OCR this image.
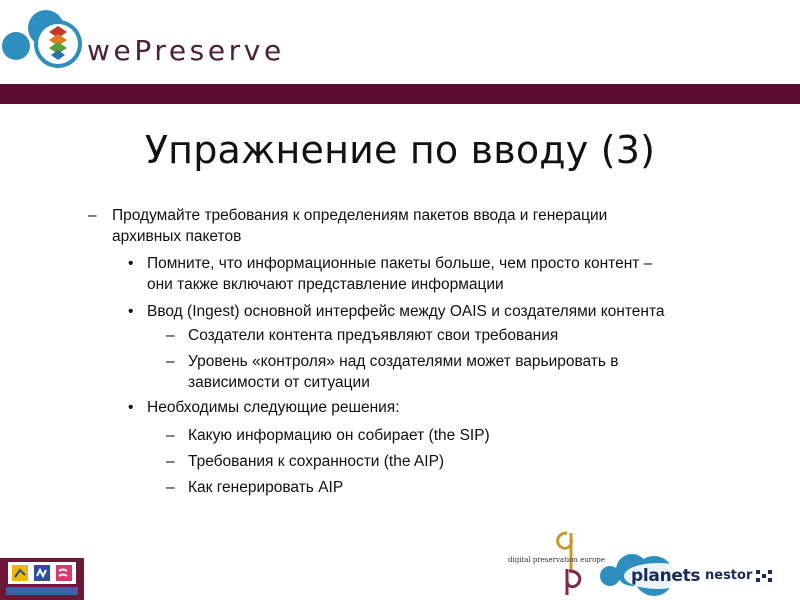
wePreserve
Упражнение по вводу (3)
– Продумайте требования к определениям пакетов ввода и генерации
архивных пакетов
• Помните, что информационные пакеты больше, чем просто контент –
они также включают представление информации
• Ввод (Ingest) основной интерфейс между OAIS и создателями контента
– Создатели контента предъявляют свои требования
– Уровень «контроля» над создателями может варьировать в
зависимости от ситуации
• Необходимы следующие решения:
– Какую информацию он собирает (the SIP)
– Требования к сохранности (the AIP)
– Как генерировать AIP
digital preservation europe
planets nestor
